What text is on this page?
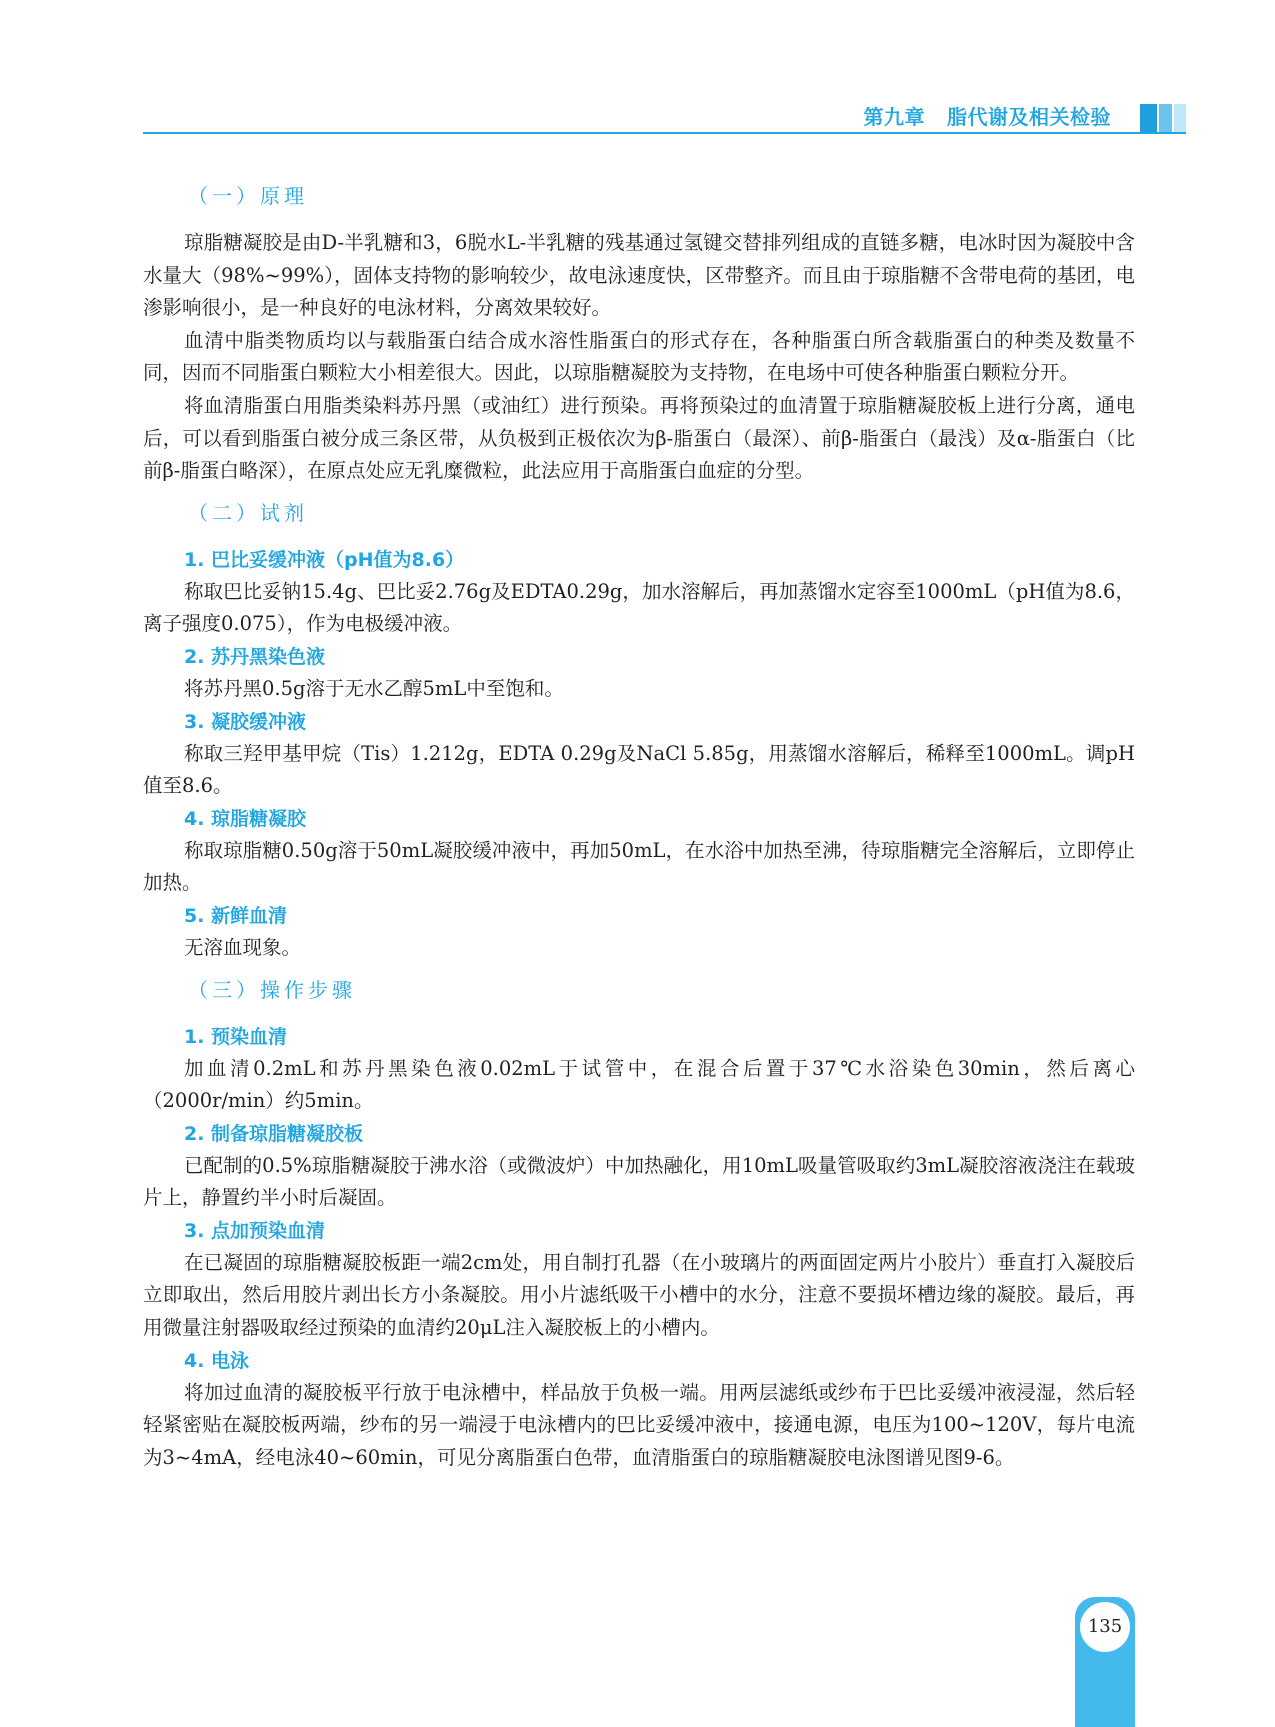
第九章 脂代谢及相关检验
（一）原理

琼脂糖凝胶是由D-半乳糖和3，6脱水L-半乳糖的残基通过氢键交替排列组成的直链多糖，电冰时因为凝胶中含水量大（98%~99%），固体支持物的影响较少，故电泳速度快，区带整齐。而且由于琼脂糖不含带电荷的基团，电渗影响很小，是一种良好的电泳材料，分离效果较好。

血清中脂类物质均以与载脂蛋白结合成水溶性脂蛋白的形式存在，各种脂蛋白所含载脂蛋白的种类及数量不同，因而不同脂蛋白颗粒大小相差很大。因此，以琼脂糖凝胶为支持物，在电场中可使各种脂蛋白颗粒分开。

将血清脂蛋白用脂类染料苏丹黑（或油红）进行预染。再将预染过的血清置于琼脂糖凝胶板上进行分离，通电后，可以看到脂蛋白被分成三条区带，从负极到正极依次为β-脂蛋白（最深）、前β-脂蛋白（最浅）及α-脂蛋白（比前β-脂蛋白略深），在原点处应无乳糜微粒，此法应用于高脂蛋白血症的分型。

（二）试剂
1. 巴比妥缓冲液（pH值为8.6）

称取巴比妥钠15.4g、巴比妥2.76g及EDTA0.29g，加水溶解后，再加蒸馏水定容至1000mL（pH值为8.6，离子强度0.075），作为电极缓冲液。

2. 苏丹黑染色液

将苏丹黑0.5g溶于无水乙醇5mL中至饱和。

3. 凝胶缓冲液

称取三羟甲基甲烷（Tis）1.212g，EDTA 0.29g及NaCl 5.85g，用蒸馏水溶解后，稀释至1000mL。调pH值至8.6。

4. 琼脂糖凝胶

称取琼脂糖0.50g溶于50mL凝胶缓冲液中，再加50mL，在水浴中加热至沸，待琼脂糖完全溶解后，立即停止加热。

5. 新鲜血清

无溶血现象。

（三）操作步骤
1. 预染血清

加血清0.2mL和苏丹黑染色液0.02mL于试管中，在混合后置于37℃水浴染色30min，然后离心（2000r/min）约5min。

2. 制备琼脂糖凝胶板

已配制的0.5%琼脂糖凝胶于沸水浴（或微波炉）中加热融化，用10mL吸量管吸取约3mL凝胶溶液浇注在载玻片上，静置约半小时后凝固。

3. 点加预染血清

在已凝固的琼脂糖凝胶板距一端2cm处，用自制打孔器（在小玻璃片的两面固定两片小胶片）垂直打入凝胶后立即取出，然后用胶片剥出长方小条凝胶。用小片滤纸吸干小槽中的水分，注意不要损坏槽边缘的凝胶。最后，再用微量注射器吸取经过预染的血清约20μL注入凝胶板上的小槽内。

4. 电泳

将加过血清的凝胶板平行放于电泳槽中，样品放于负极一端。用两层滤纸或纱布于巴比妥缓冲液浸湿，然后轻轻紧密贴在凝胶板两端，纱布的另一端浸于电泳槽内的巴比妥缓冲液中，接通电源，电压为100~120V，每片电流为3~4mA，经电泳40~60min，可见分离脂蛋白色带，血清脂蛋白的琼脂糖凝胶电泳图谱见图9-6。

135
